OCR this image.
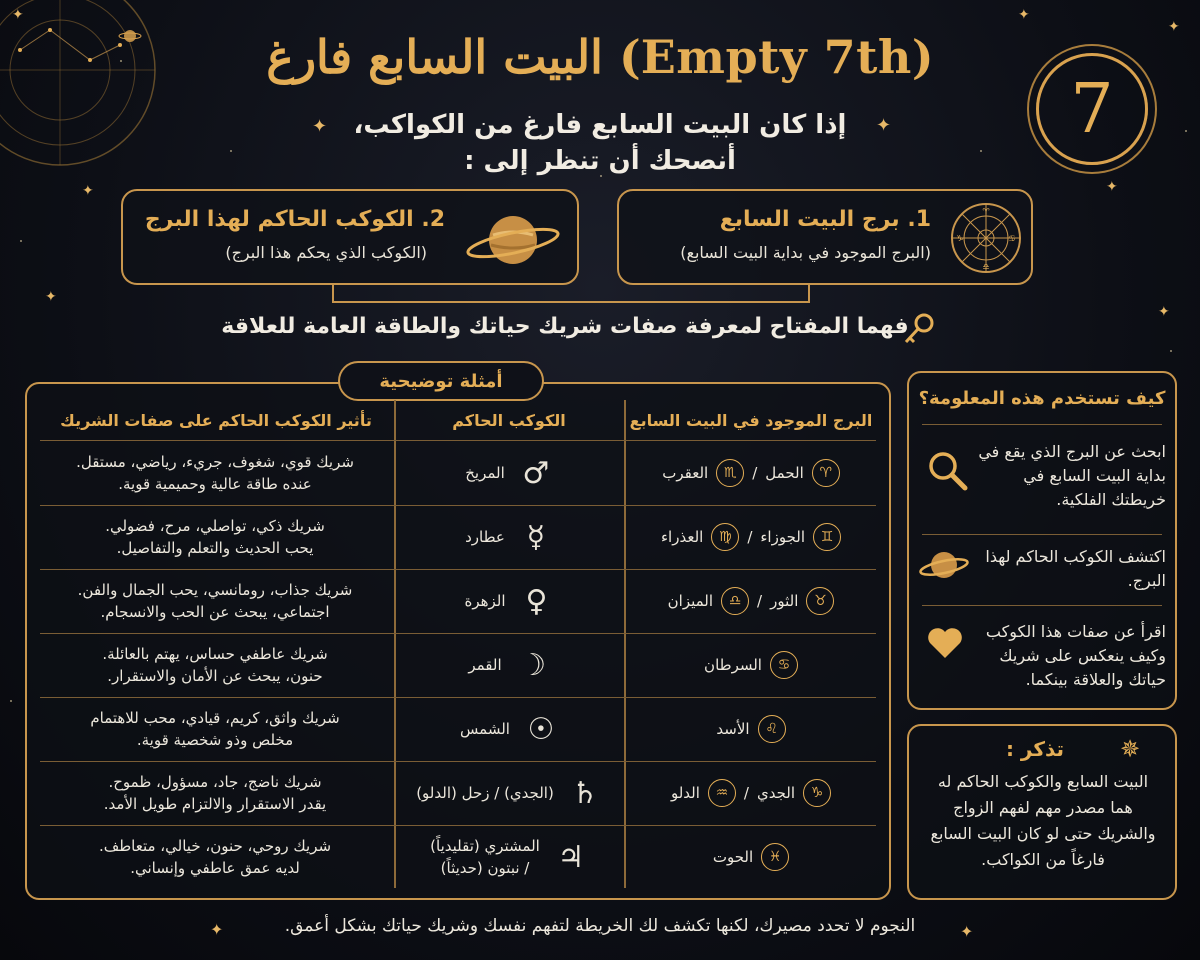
✦
✦
✦	✦
✦
✦
✦
✦
✦
✦	✦
البيت السابع فارغ (Empty 7th)
إذا كان البيت السابع فارغ من الكواكب،
أنصحك أن تنظر إلى :
7
♈
♋
♎
♑
1. برج البيت السابع
(البرج الموجود في بداية البيت السابع)
2. الكوكب الحاكم لهذا البرج
(الكوكب الذي يحكم هذا البرج)
فهما المفتاح لمعرفة صفات شريك حياتك والطاقة العامة للعلاقة
أمثلة توضيحية
البرج الموجود في البيت السابع
الكوكب الحاكم
تأثير الكوكب الحاكم على صفات الشريك
♈
الحمل
/
♏
العقرب
♂
المريخ
شريك قوي، شغوف، جريء، رياضي، مستقل.
عنده طاقة عالية وحميمية قوية.
♊
الجوزاء
/
♍
العذراء
☿
عطارد
شريك ذكي، تواصلي، مرح، فضولي.
يحب الحديث والتعلم والتفاصيل.
♉
الثور
/
♎
الميزان
♀
الزهرة
شريك جذاب، رومانسي، يحب الجمال والفن.
اجتماعي، يبحث عن الحب والانسجام.
♋
السرطان
☽
القمر
شريك عاطفي حساس، يهتم بالعائلة.
حنون، يبحث عن الأمان والاستقرار.
♌
الأسد
☉
الشمس
شريك واثق، كريم، قيادي، محب للاهتمام
مخلص وذو شخصية قوية.
♑
الجدي
/
♒
الدلو
♄
(الجدي) / زحل (الدلو)
شريك ناضج، جاد، مسؤول، ظموح.
يقدر الاستقرار والالتزام طويل الأمد.
♓
الحوت
♃
المشتري (تقليدياً)
/ نبتون (حديثاً)
شريك روحي، حنون، خيالي، متعاطف.
لديه عمق عاطفي وإنساني.
كيف تستخدم هذه المعلومة؟
ابحث عن البرج الذي يقع في بداية البيت السابع في خريطتك الفلكية.
اكتشف الكوكب الحاكم لهذا البرج.
اقرأ عن صفات هذا الكوكب وكيف ينعكس على شريك حياتك والعلاقة بينكما.
✵
تذكر :
البيت السابع والكوكب الحاكم له هما مصدر مهم لفهم الزواج والشريك حتى لو كان البيت السابع فارغاً من الكواكب.
النجوم لا تحدد مصيرك، لكنها تكشف لك الخريطة لتفهم نفسك وشريك حياتك بشكل أعمق.
